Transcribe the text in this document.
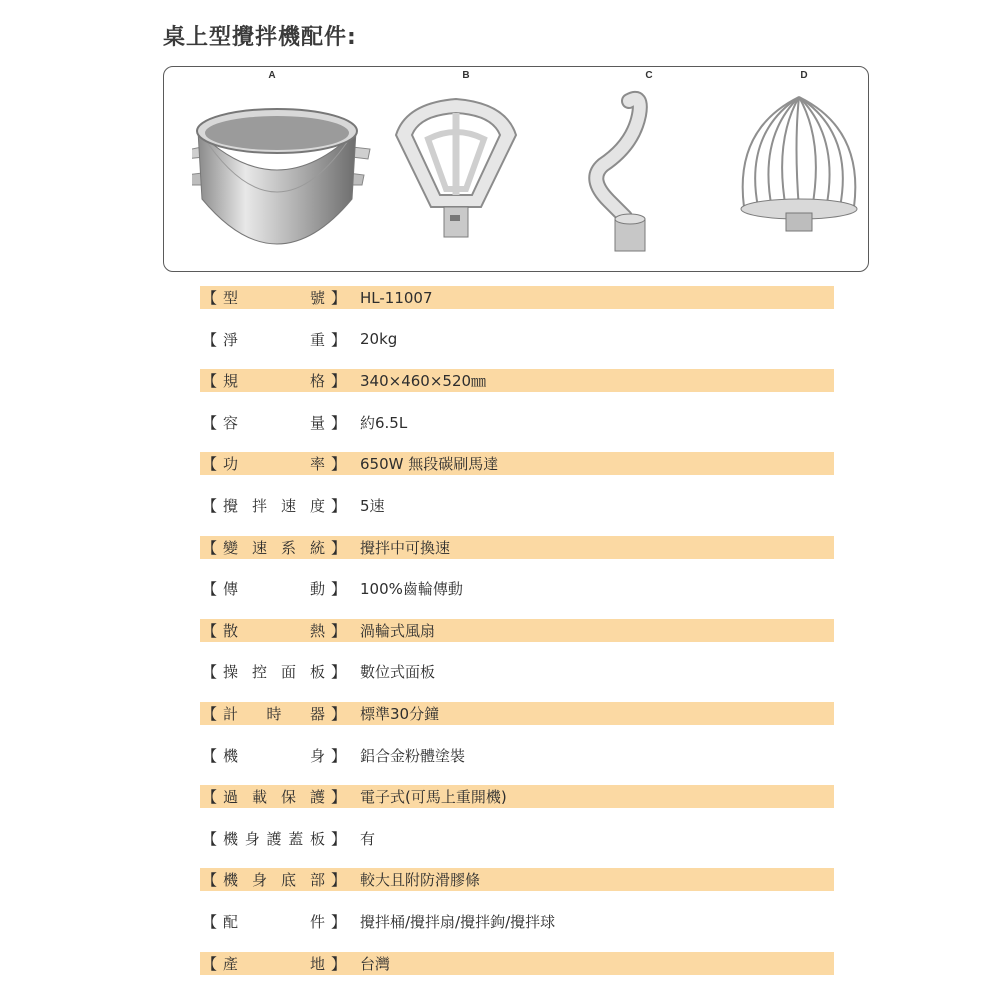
桌上型攪拌機配件:
A	B	C	D
【 型	號 】 HL-11007
【 淨	重 】 20kg
【 規	格 】 340×460×520㎜
【 容	量 】 約6.5L
【 功	率 】 650W 無段碳刷馬達
【 攪 拌 速 度 】 5速
【 變 速 系 統 】 攪拌中可換速
【 傳	動 】 100%齒輪傳動
【 散	熱 】 渦輪式風扇
【 操 控 面 板 】 數位式面板
【 計 時 器 】 標準30分鐘
【 機	身 】 鋁合金粉體塗裝
【 過 載 保 護 】 電子式(可馬上重開機)
【 機 身 護 蓋 板 】 有
【 機 身 底 部 】 較大且附防滑膠條
【 配	件 】 攪拌桶/攪拌扇/攪拌鉤/攪拌球
【 產	地 】 台灣
